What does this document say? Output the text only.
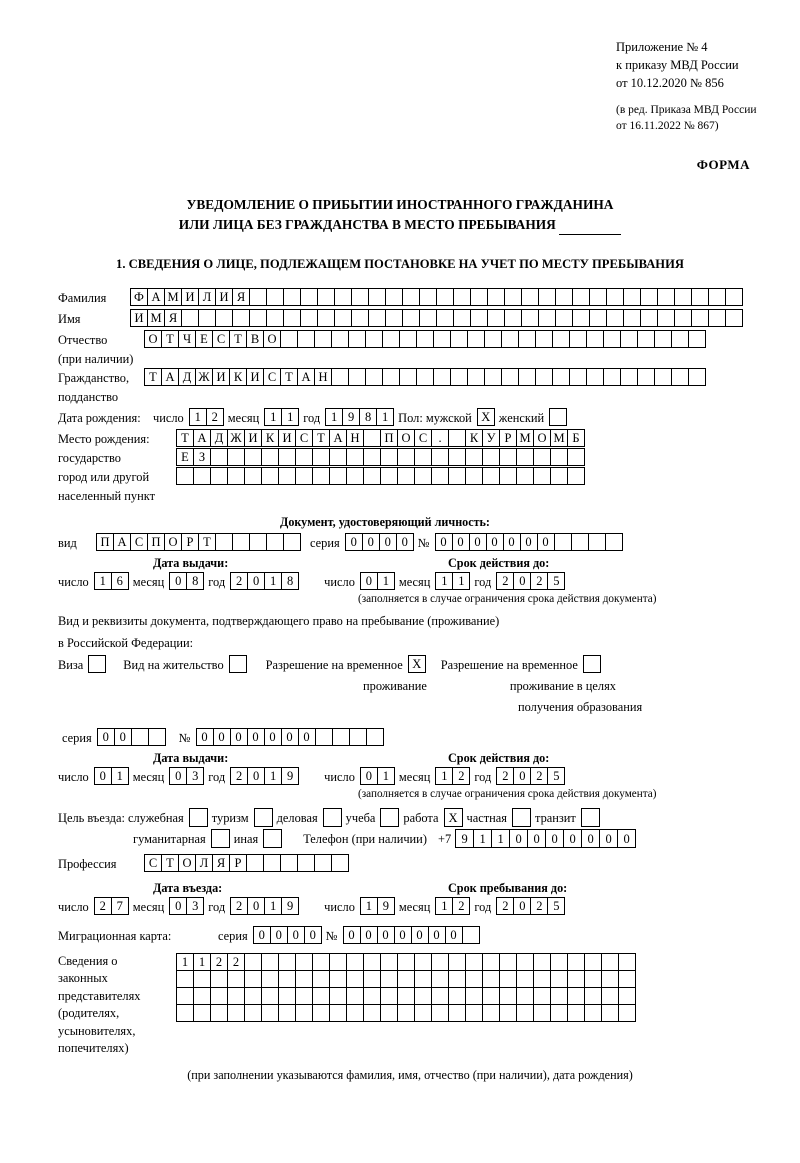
Приложение № 4
к приказу МВД России
от 10.12.2020 № 856
(в ред. Приказа МВД России
от 16.11.2022 № 867)
ФОРМА
УВЕДОМЛЕНИЕ О ПРИБЫТИИ ИНОСТРАННОГО ГРАЖДАНИНА
ИЛИ ЛИЦА БЕЗ ГРАЖДАНСТВА В МЕСТО ПРЕБЫВАНИЯ
1. СВЕДЕНИЯ О ЛИЦЕ, ПОДЛЕЖАЩЕМ ПОСТАНОВКЕ НА УЧЕТ ПО МЕСТУ ПРЕБЫВАНИЯ
Фамилия	Ф А М И Л И Я
Имя	И М Я
Отчество	О Т Ч Е С Т В О
(при наличии)
Гражданство,	Т А Д Ж И К И С Т А Н
подданство
Дата рождения: число 1 2 месяц 1 1 год 1 9 8 1 Пол: мужской X женский
Место рождения:	Т А Д Ж И К И С Т А Н	П О С .	К У Р М О М Б
государство	Е З
город или другой
населенный пункт
Документ, удостоверяющий личность:
вид	П А С П О Р Т	серия 0 0 0 0 № 0 0 0 0 0 0 0
Дата выдачи:	Срок действия до:
число 1 6 месяц 0 8 год 2 0 1 8	число 0 1 месяц 1 1 год 2 0 2 5
(заполняется в случае ограничения срока действия документа)
Вид и реквизиты документа, подтверждающего право на пребывание (проживание)
в Российской Федерации:
Виза	Вид на жительство	Разрешение на временное X	Разрешение на временное
проживание	проживание в целях
получения образования
серия 0 0	№ 0 0 0 0 0 0 0
Дата выдачи:	Срок действия до:
число 0 1 месяц 0 3 год 2 0 1 9	число 0 1 месяц 1 2 год 2 0 2 5
(заполняется в случае ограничения срока действия документа)
Цель въезда: служебная	туризм	деловая	учеба	работа X частная	транзит
гуманитарная	иная	Телефон (при наличии) +7 9 1 1 0 0 0 0 0 0 0
Профессия	С Т О Л Я Р
Дата въезда:	Срок пребывания до:
число 2 7 месяц 0 3 год 2 0 1 9	число 1 9 месяц 1 2 год 2 0 2 5
Миграционная карта:	серия 0 0 0 0 № 0 0 0 0 0 0 0
Сведения о
законных
представителях
(родителях,
усыновителях,
попечителях)
1 1 2 2
(при заполнении указываются фамилия, имя, отчество (при наличии), дата рождения)
